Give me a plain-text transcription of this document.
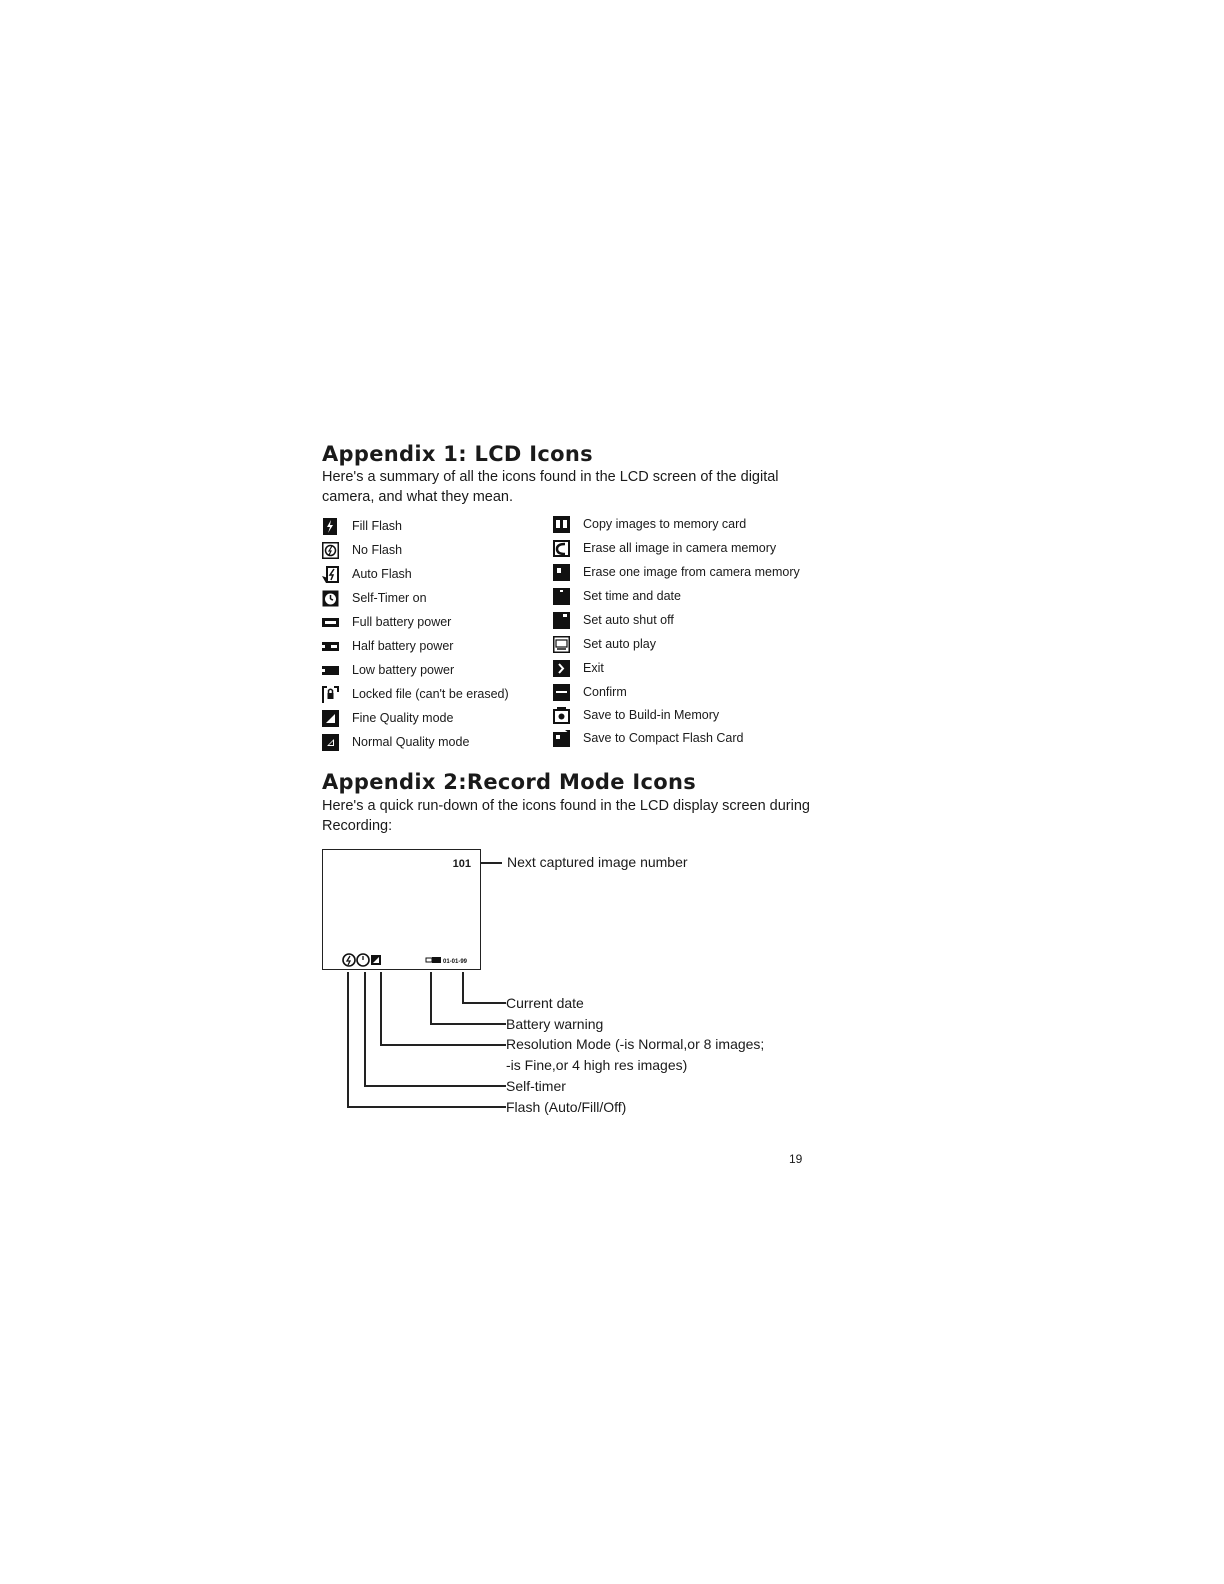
Appendix 1: LCD Icons

Here's a summary of all the icons found in the LCD screen of the digital camera, and what they mean.

Fill Flash
No Flash
Auto Flash
Self-Timer on
Full battery power
Half battery power
Low battery power
Locked file (can't be erased)
Fine Quality mode
Normal Quality mode
Copy images to memory card
Erase all image in camera memory
Erase one image from camera memory
Set time and date
Set auto shut off
Set auto play
Exit
Confirm
Save to Build-in Memory
Save to Compact Flash Card
Appendix 2:Record Mode Icons

Here's a quick run-down of the icons found in the LCD display screen during Recording:

101
01-01-99
Next captured image number
Current date
Battery warning
Resolution Mode (-is Normal,or 8 images;
-is Fine,or 4 high res images)
Self-timer
Flash (Auto/Fill/Off)
19
